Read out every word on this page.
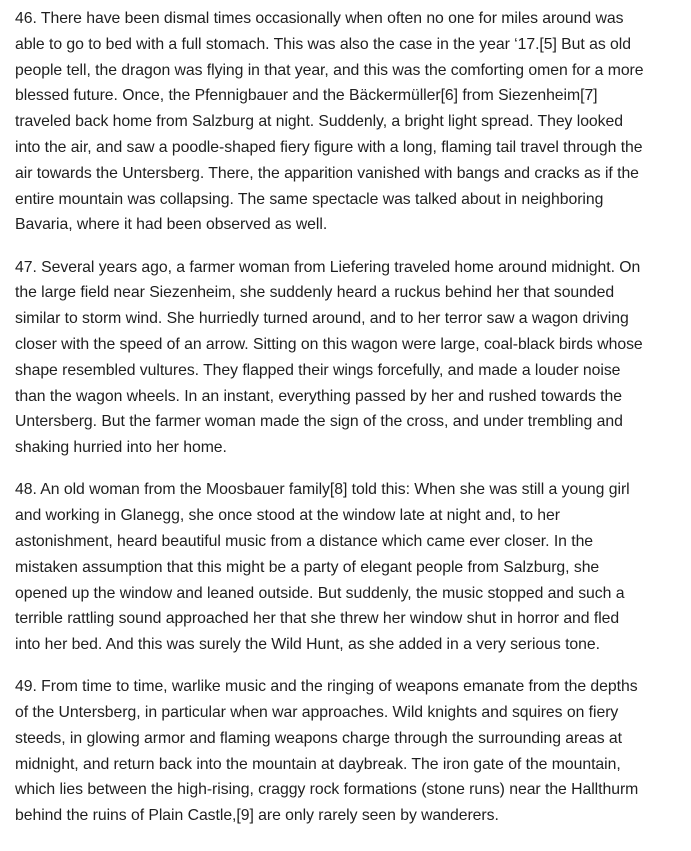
46. There have been dismal times occasionally when often no one for miles around was
able to go to bed with a full stomach. This was also the case in the year ‘17.[5] But as old
people tell, the dragon was flying in that year, and this was the comforting omen for a more
blessed future. Once, the Pfennigbauer and the Bäckermüller[6] from Siezenheim[7]
traveled back home from Salzburg at night. Suddenly, a bright light spread. They looked
into the air, and saw a poodle-shaped fiery figure with a long, flaming tail travel through the
air towards the Untersberg. There, the apparition vanished with bangs and cracks as if the
entire mountain was collapsing. The same spectacle was talked about in neighboring
Bavaria, where it had been observed as well.

47. Several years ago, a farmer woman from Liefering traveled home around midnight. On
the large field near Siezenheim, she suddenly heard a ruckus behind her that sounded
similar to storm wind. She hurriedly turned around, and to her terror saw a wagon driving
closer with the speed of an arrow. Sitting on this wagon were large, coal-black birds whose
shape resembled vultures. They flapped their wings forcefully, and made a louder noise
than the wagon wheels. In an instant, everything passed by her and rushed towards the
Untersberg. But the farmer woman made the sign of the cross, and under trembling and
shaking hurried into her home.

48. An old woman from the Moosbauer family[8] told this: When she was still a young girl
and working in Glanegg, she once stood at the window late at night and, to her
astonishment, heard beautiful music from a distance which came ever closer. In the
mistaken assumption that this might be a party of elegant people from Salzburg, she
opened up the window and leaned outside. But suddenly, the music stopped and such a
terrible rattling sound approached her that she threw her window shut in horror and fled
into her bed. And this was surely the Wild Hunt, as she added in a very serious tone.

49. From time to time, warlike music and the ringing of weapons emanate from the depths
of the Untersberg, in particular when war approaches. Wild knights and squires on fiery
steeds, in glowing armor and flaming weapons charge through the surrounding areas at
midnight, and return back into the mountain at daybreak. The iron gate of the mountain,
which lies between the high-rising, craggy rock formations (stone runs) near the Hallthurm
behind the ruins of Plain Castle,[9] are only rarely seen by wanderers.
